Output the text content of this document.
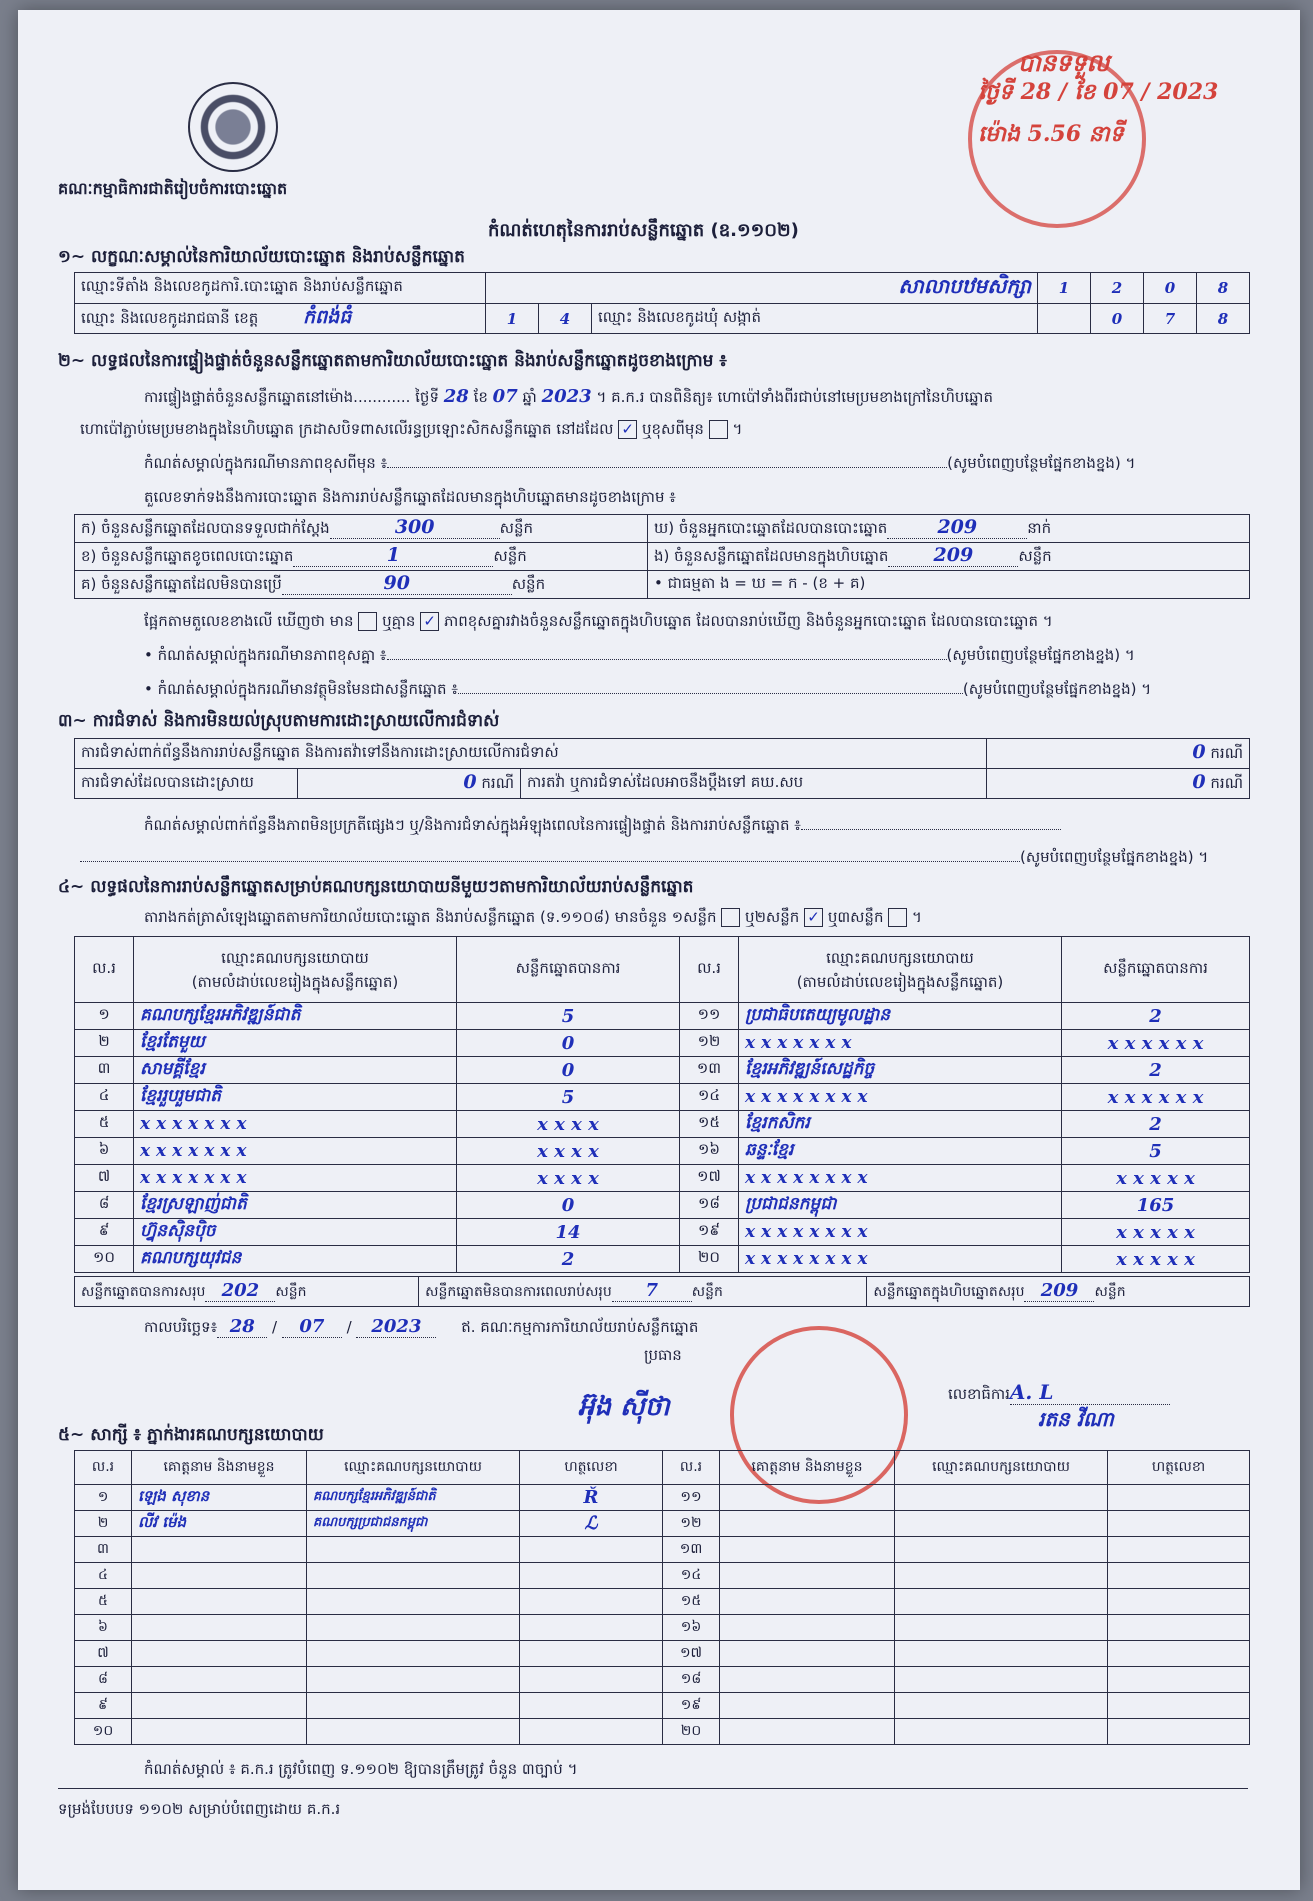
គណៈកម្មាធិការជាតិរៀបចំការបោះឆ្នោត
កំណត់ហេតុនៃការរាប់សន្លឹកឆ្នោត (ឧ.១១០២)
បានទទួល
ថ្ងៃទី 28 / ខែ 07 / 2023
ម៉ោង 5.56 នាទី
១~ លក្ខណៈសម្គាល់នៃការិយាល័យបោះឆ្នោត និងរាប់សន្លឹកឆ្នោត
ឈ្មោះទីតាំង និងលេខកូដការិ.បោះឆ្នោត និងរាប់សន្លឹកឆ្នោត	សាលាបឋមសិក្សា			1	2	0	8
ឈ្មោះ និងលេខកូដរាជធានី ខេត្ត កំពង់ធំ	1	4	ឈ្មោះ និងលេខកូដឃុំ សង្កាត់		0	7	8
២~ លទ្ធផលនៃការផ្ទៀងផ្ទាត់ចំនួនសន្លឹកឆ្នោតតាមការិយាល័យបោះឆ្នោត និងរាប់សន្លឹកឆ្នោតដូចខាងក្រោម ៖
ការផ្ទៀងផ្ទាត់ចំនួនសន្លឹកឆ្នោតនៅម៉ោង............ ថ្ងៃទី 28 ខែ 07 ឆ្នាំ 2023 ។ គ.ក.រ បានពិនិត្យ៖ ហោប៉ៅទាំងពីរជាប់នៅមេប្រមខាងក្រៅនៃហិបឆ្នោត
ហោប៉ៅភ្ជាប់មេប្រមខាងក្នុងនៃហិបឆ្នោត ក្រដាសបិទពាសលើរន្ធប្រឡោះសិកសន្លឹកឆ្នោត នៅដដែល ✓ ឬខុសពីមុន  ។
កំណត់សម្គាល់ក្នុងករណីមានភាពខុសពីមុន ៖	(សូមបំពេញបន្ថែមផ្នែកខាងខ្នង) ។
តួលេខទាក់ទងនឹងការបោះឆ្នោត និងការរាប់សន្លឹកឆ្នោតដែលមានក្នុងហិបឆ្នោតមានដូចខាងក្រោម ៖
ក) ចំនួនសន្លឹកឆ្នោតដែលបានទទួលជាក់ស្តែង 300 សន្លឹក	ឃ) ចំនួនអ្នកបោះឆ្នោតដែលបានបោះឆ្នោត 209 នាក់
ខ) ចំនួនសន្លឹកឆ្នោតខូចពេលបោះឆ្នោត 1 សន្លឹក	ង) ចំនួនសន្លឹកឆ្នោតដែលមានក្នុងហិបឆ្នោត 209 សន្លឹក
គ) ចំនួនសន្លឹកឆ្នោតដែលមិនបានប្រើ 90 សន្លឹក	• ជាធម្មតា ង = ឃ = ក - (ខ + គ)
ផ្អែកតាមតួលេខខាងលើ ឃើញថា មាន ឬគ្មាន ✓ ភាពខុសគ្នារវាងចំនួនសន្លឹកឆ្នោតក្នុងហិបឆ្នោត ដែលបានរាប់ឃើញ និងចំនួនអ្នកបោះឆ្នោត ដែលបានបោះឆ្នោត ។
• កំណត់សម្គាល់ក្នុងករណីមានភាពខុសគ្នា ៖	(សូមបំពេញបន្ថែមផ្នែកខាងខ្នង) ។
• កំណត់សម្គាល់ក្នុងករណីមានវត្ថុមិនមែនជាសន្លឹកឆ្នោត ៖	(សូមបំពេញបន្ថែមផ្នែកខាងខ្នង) ។
៣~ ការជំទាស់ និងការមិនយល់ស្រុបតាមការដោះស្រាយលើការជំទាស់
ការជំទាស់ពាក់ព័ន្ធនឹងការរាប់សន្លឹកឆ្នោត និងការតវ៉ាទៅនឹងការដោះស្រាយលើការជំទាស់			0 ករណី
ការជំទាស់ដែលបានដោះស្រាយ	0 ករណី	ការតវ៉ា ឬការជំទាស់ដែលអាចនឹងប្តឹងទៅ គឃ.សប	0 ករណី
កំណត់សម្គាល់ពាក់ព័ន្ធនឹងភាពមិនប្រក្រតីផ្សេងៗ ឬ/និងការជំទាស់ក្នុងអំឡុងពេលនៃការផ្ទៀងផ្ទាត់ និងការរាប់សន្លឹកឆ្នោត ៖
(សូមបំពេញបន្ថែមផ្នែកខាងខ្នង) ។
៤~ លទ្ធផលនៃការរាប់សន្លឹកឆ្នោតសម្រាប់គណបក្សនយោបាយនីមួយៗតាមការិយាល័យរាប់សន្លឹកឆ្នោត
តារាងកត់ត្រាសំឡេងឆ្នោតតាមការិយាល័យបោះឆ្នោត និងរាប់សន្លឹកឆ្នោត (ទ.១១០៨) មានចំនួន ១សន្លឹក ឬ២សន្លឹក ✓ ឬ៣សន្លឹក ។
ល.រ	ឈ្មោះគណបក្សនយោបាយ
(តាមលំដាប់លេខរៀងក្នុងសន្លឹកឆ្នោត)	សន្លឹកឆ្នោតបានការ	ល.រ	ឈ្មោះគណបក្សនយោបាយ
(តាមលំដាប់លេខរៀងក្នុងសន្លឹកឆ្នោត)	សន្លឹកឆ្នោតបានការ
១	គណបក្សខ្មែរអភិវឌ្ឍន៍ជាតិ	5	១១	ប្រជាធិបតេយ្យមូលដ្ឋាន	2
២	ខ្មែរតែមួយ	0	១២	x x x x x x x	x x x x x x
៣	សាមគ្គីខ្មែរ	0	១៣	ខ្មែរអភិវឌ្ឍន៍សេដ្ឋកិច្ច	2
៤	ខ្មែររួបរួមជាតិ	5	១៤	x x x x x x x x	x x x x x x
៥	x x x x x x x	x x x x	១៥	ខ្មែរកសិករ	2
៦	x x x x x x x	x x x x	១៦	ឆន្ទៈខ្មែរ	5
៧	x x x x x x x	x x x x	១៧	x x x x x x x x	x x x x x
៨	ខ្មែរស្រឡាញ់ជាតិ	0	១៨	ប្រជាជនកម្ពុជា	165
៩	ហ្វ៊ុនស៊ិនប៉ិច	14	១៩	x x x x x x x x	x x x x x
១០	គណបក្សយុវជន	2	២០	x x x x x x x x	x x x x x
សន្លឹកឆ្នោតបានការសរុប 202 សន្លឹក	សន្លឹកឆ្នោតមិនបានការពេលរាប់សរុប 7 សន្លឹក	សន្លឹកឆ្នោតក្នុងហិបឆ្នោតសរុប 209 សន្លឹក
កាលបរិច្ឆេទ៖ 28 / 07 / 2023	ឥ. គណៈកម្មការការិយាល័យរាប់សន្លឹកឆ្នោត
ប្រធាន
អ៊ុង ស៊ីថា	លេខាធិការA. L
រតន វីណា
៥~ សាក្សី ៖ ភ្នាក់ងារគណបក្សនយោបាយ
ល.រ	គោត្តនាម និងនាមខ្លួន	ឈ្មោះគណបក្សនយោបាយ	ហត្ថលេខា	ល.រ	គោត្តនាម និងនាមខ្លួន	ឈ្មោះគណបក្សនយោបាយ	ហត្ថលេខា
១	ឡេង សុខាន	គណបក្សខ្មែរអភិវឌ្ឍន៍ជាតិ	Ř	១១			
២	លីវ ម៉េង	គណបក្សប្រជាជនកម្ពុជា	ℒ	១២			
៣				១៣			
៤				១៤			
៥				១៥			
៦				១៦			
៧				១៧			
៨				១៨			
៩				១៩			
១០				២០			
កំណត់សម្គាល់ ៖ គ.ក.រ ត្រូវបំពេញ ទ.១១០២ ឱ្យបានត្រឹមត្រូវ ចំនួន ៣ច្បាប់ ។
ទម្រង់បែបបទ ១១០២ សម្រាប់បំពេញដោយ គ.ក.រ
